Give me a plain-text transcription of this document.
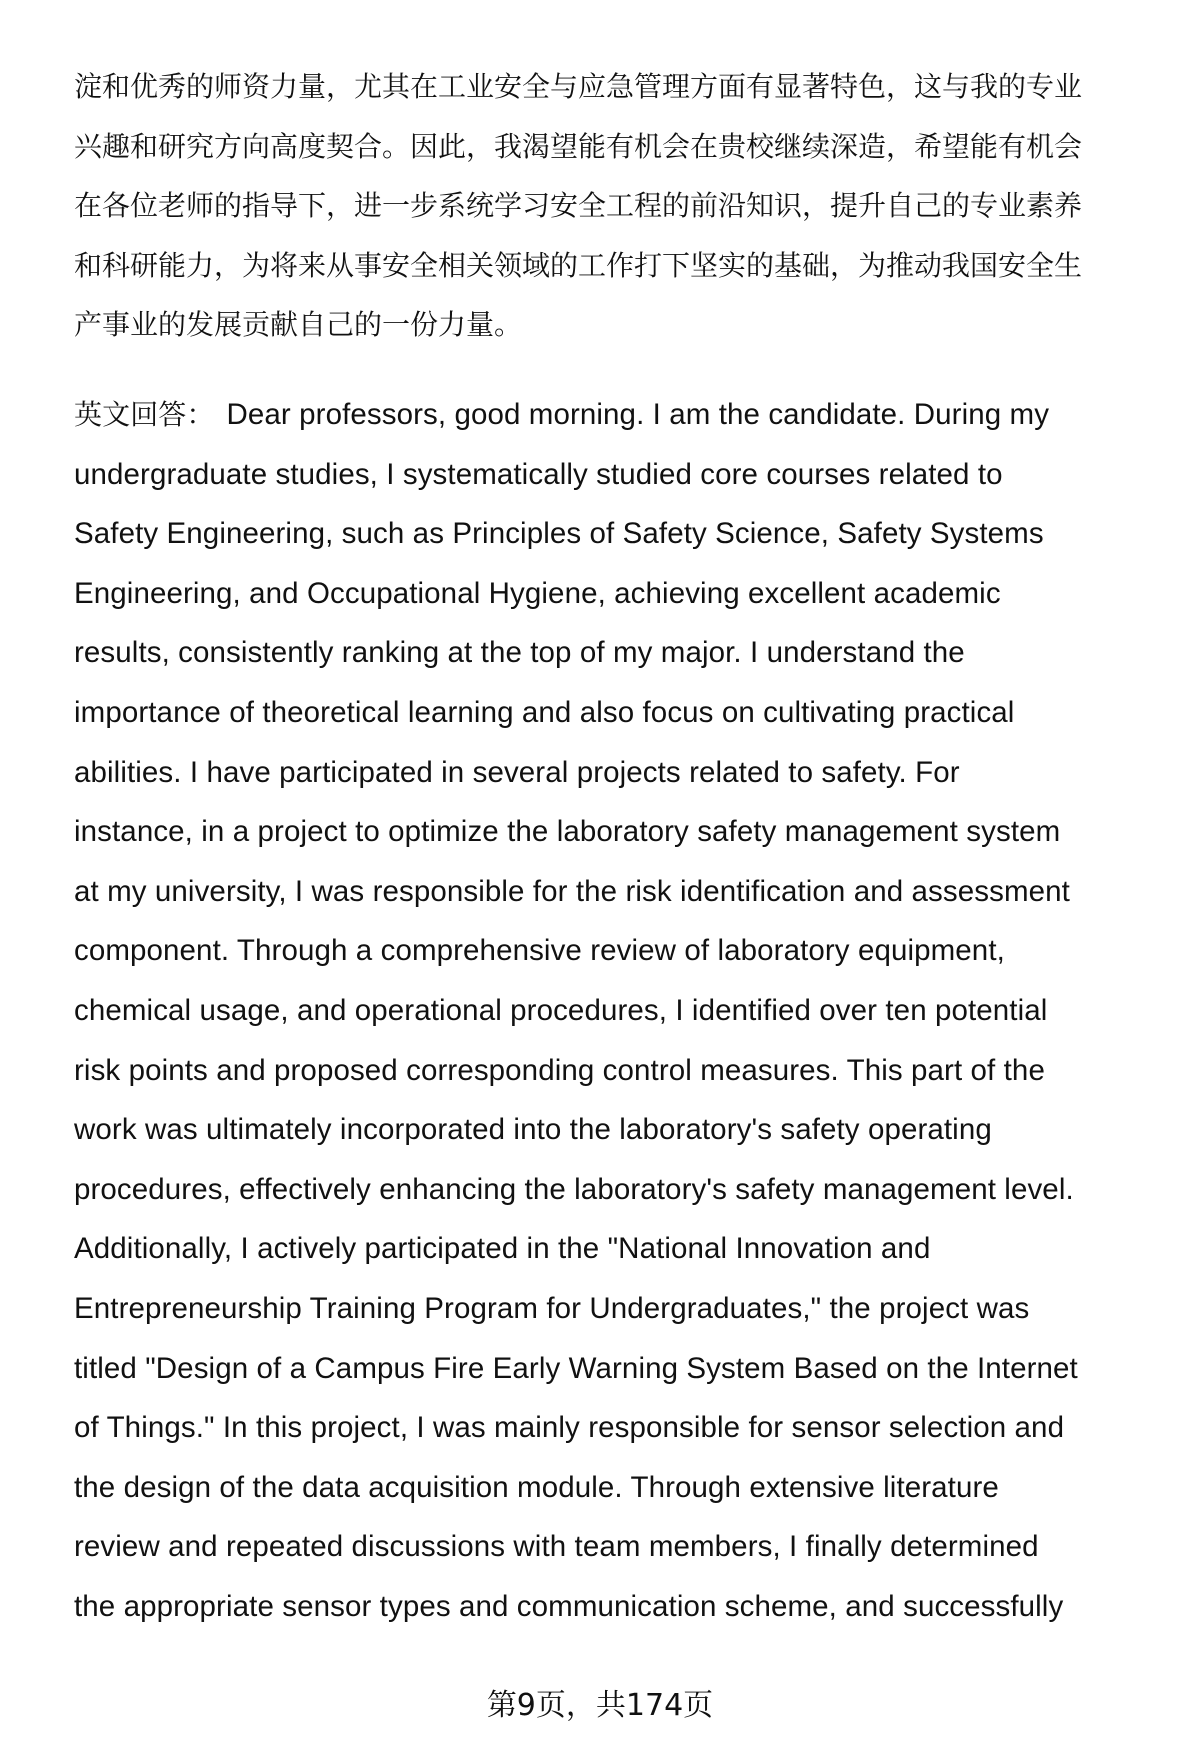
淀和优秀的师资力量，尤其在工业安全与应急管理方面有显著特色，这与我的专业
兴趣和研究方向高度契合。因此，我渴望能有机会在贵校继续深造，希望能有机会
在各位老师的指导下，进一步系统学习安全工程的前沿知识，提升自己的专业素养
和科研能力，为将来从事安全相关领域的工作打下坚实的基础，为推动我国安全生
产事业的发展贡献自己的一份力量。
英文回答： Dear professors, good morning. I am the candidate. During my
undergraduate studies, I systematically studied core courses related to
Safety Engineering, such as Principles of Safety Science, Safety Systems
Engineering, and Occupational Hygiene, achieving excellent academic
results, consistently ranking at the top of my major. I understand the
importance of theoretical learning and also focus on cultivating practical
abilities. I have participated in several projects related to safety. For
instance, in a project to optimize the laboratory safety management system
at my university, I was responsible for the risk identification and assessment
component. Through a comprehensive review of laboratory equipment,
chemical usage, and operational procedures, I identified over ten potential
risk points and proposed corresponding control measures. This part of the
work was ultimately incorporated into the laboratory's safety operating
procedures, effectively enhancing the laboratory's safety management level.
Additionally, I actively participated in the "National Innovation and
Entrepreneurship Training Program for Undergraduates," the project was
titled "Design of a Campus Fire Early Warning System Based on the Internet
of Things." In this project, I was mainly responsible for sensor selection and
the design of the data acquisition module. Through extensive literature
review and repeated discussions with team members, I finally determined
the appropriate sensor types and communication scheme, and successfully
第9页，共174页
